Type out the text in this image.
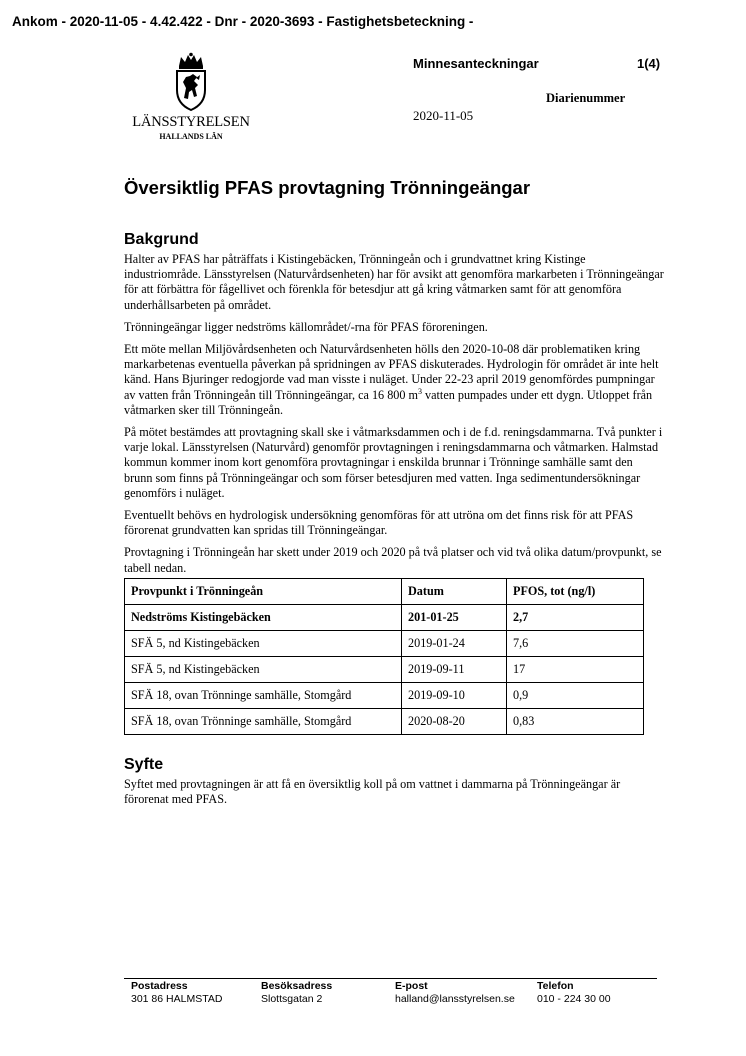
Ankom - 2020-11-05 - 4.42.422 - Dnr - 2020-3693 - Fastighetsbeteckning -
LÄNSSTYRELSEN
HALLANDS LÄN
Minnesanteckningar	1(4)
Diarienummer
2020-11-05
Översiktlig PFAS provtagning Trönningeängar
Bakgrund

Halter av PFAS har påträffats i Kistingebäcken, Trönningeån och i grundvattnet kring Kistinge industriområde. Länsstyrelsen (Naturvårdsenheten) har för avsikt att genomföra markarbeten i Trönningeängar för att förbättra för fågellivet och förenkla för betesdjur att gå kring våtmarken samt för att genomföra underhållsarbeten på området.

Trönningeängar ligger nedströms källområdet/-rna för PFAS föroreningen.

Ett möte mellan Miljövårdsenheten och Naturvårdsenheten hölls den 2020-10-08 där problematiken kring markarbetenas eventuella påverkan på spridningen av PFAS diskuterades. Hydrologin för området är inte helt känd. Hans Bjuringer redogjorde vad man visste i nuläget. Under 22-23 april 2019 genomfördes pumpningar av vatten från Trönningeån till Trönningeängar, ca 16 800 $m^3$ vatten pumpades under ett dygn. Utloppet från våtmarken sker till Trönningeån.

På mötet bestämdes att provtagning skall ske i våtmarksdammen och i de f.d. reningsdammarna. Två punkter i varje lokal. Länsstyrelsen (Naturvård) genomför provtagningen i reningsdammarna och våtmarken. Halmstad kommun kommer inom kort genomföra provtagningar i enskilda brunnar i Trönninge samhälle samt den brunn som finns på Trönningeängar och som förser betesdjuren med vatten. Inga sedimentundersökningar genomförs i nuläget.

Eventuellt behövs en hydrologisk undersökning genomföras för att utröna om det finns risk för att PFAS förorenat grundvatten kan spridas till Trönningeängar.

Provtagning i Trönningeån har skett under 2019 och 2020 på två platser och vid två olika datum/provpunkt, se tabell nedan.

Provpunkt i Trönningeån	Datum	PFOS, tot (ng/l)
Nedströms Kistingebäcken	201-01-25	2,7
SFÄ 5, nd Kistingebäcken	2019-01-24	7,6
SFÄ 5, nd Kistingebäcken	2019-09-11	17
SFÄ 18, ovan Trönninge samhälle, Stomgård	2019-09-10	0,9
SFÄ 18, ovan Trönninge samhälle, Stomgård	2020-08-20	0,83
Syfte

Syftet med provtagningen är att få en översiktlig koll på om vattnet i dammarna på Trönningeängar är förorenat med PFAS.

Postadress
301 86 HALMSTAD
Besöksadress
Slottsgatan 2
E-post
halland@lansstyrelsen.se
Telefon
010 - 224 30 00
